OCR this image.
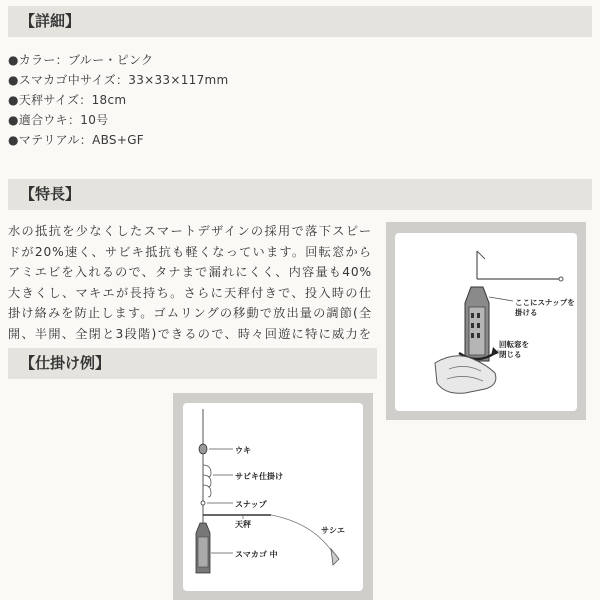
【詳細】
●カラー：ブルー・ピンク
●スマカゴ中サイズ：33×33×117mm
●天秤サイズ：18cm
●適合ウキ：10号
●マテリアル：ABS+GF
【特長】
水の抵抗を少なくしたスマートデザインの採用で落下スピードが20%速く、サビキ抵抗も軽くなっています。回転窓からアミエビを入れるので、タナまで漏れにくく、内容量も40%大きくし、マキエが長持ち。さらに天秤付きで、投入時の仕掛け絡みを防止します。ゴムリングの移動で放出量の調節(全開、半開、全閉と3段階)できるので、時々回遊に特に威力を
【仕掛け例】
ここにスナップを
掛ける
回転窓を
閉じる
ウキ
サビキ仕掛け
スナップ
天秤
スマカゴ 中
サシエ
